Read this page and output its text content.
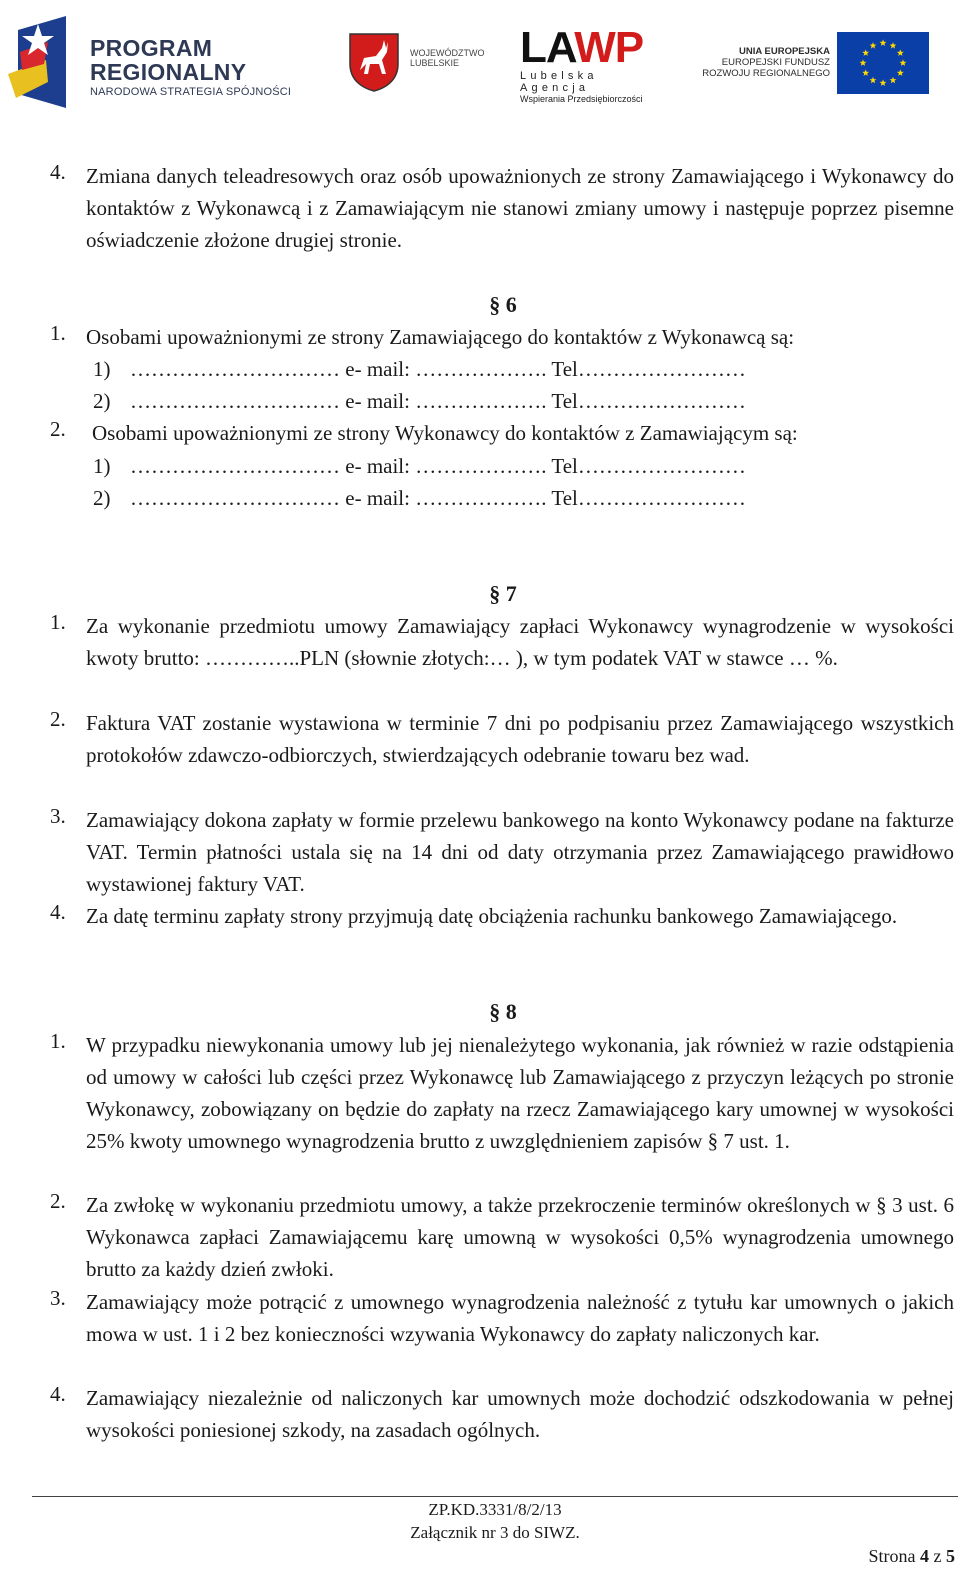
PROGRAM
REGIONALNY
NARODOWA STRATEGIA SPÓJNOŚCI
WOJEWÓDZTWO
LUBELSKIE	LAWP
Lubelska Agencja
Wspierania Przedsiębiorczości
UNIA EUROPEJSKA
EUROPEJSKI FUNDUSZ
ROZWOJU REGIONALNEGO
4. Zmiana danych teleadresowych oraz osób upoważnionych ze strony Zamawiającego i Wykonawcy do kontaktów z Wykonawcą i z Zamawiającym nie stanowi zmiany umowy i następuje poprzez pisemne oświadczenie złożone drugiej stronie.
§ 6
1. Osobami upoważnionymi ze strony Zamawiającego do kontaktów z Wykonawcą są:
1) ………………………… e- mail: ………………. Tel……………………
2) ………………………… e- mail: ………………. Tel……………………
2. Osobami upoważnionymi ze strony Wykonawcy do kontaktów z Zamawiającym są:
1) ………………………… e- mail: ………………. Tel……………………
2) ………………………… e- mail: ………………. Tel……………………
§ 7
1. Za wykonanie przedmiotu umowy Zamawiający zapłaci Wykonawcy wynagrodzenie w wysokości kwoty brutto: …………..PLN (słownie złotych:… ), w tym podatek VAT w stawce … %.
2. Faktura VAT zostanie wystawiona w terminie 7 dni po podpisaniu przez Zamawiającego wszystkich protokołów zdawczo-odbiorczych, stwierdzających odebranie towaru bez wad.
3. Zamawiający dokona zapłaty w formie przelewu bankowego na konto Wykonawcy podane na fakturze VAT. Termin płatności ustala się na 14 dni od daty otrzymania przez Zamawiającego prawidłowo wystawionej faktury VAT.
4. Za datę terminu zapłaty strony przyjmują datę obciążenia rachunku bankowego Zamawiającego.
§ 8
1. W przypadku niewykonania umowy lub jej nienależytego wykonania, jak również w razie odstąpienia od umowy w całości lub części przez Wykonawcę lub Zamawiającego z przyczyn leżących po stronie Wykonawcy, zobowiązany on będzie do zapłaty na rzecz Zamawiającego kary umownej w wysokości 25% kwoty umownego wynagrodzenia brutto z uwzględnieniem zapisów § 7 ust. 1.
2. Za zwłokę w wykonaniu przedmiotu umowy, a także przekroczenie terminów określonych w § 3 ust. 6 Wykonawca zapłaci Zamawiającemu karę umowną w wysokości 0,5% wynagrodzenia umownego brutto za każdy dzień zwłoki.
3. Zamawiający może potrącić z umownego wynagrodzenia należność z tytułu kar umownych o jakich mowa w ust. 1 i 2 bez konieczności wzywania Wykonawcy do zapłaty naliczonych kar.
4. Zamawiający niezależnie od naliczonych kar umownych może dochodzić odszkodowania w pełnej wysokości poniesionej szkody, na zasadach ogólnych.
ZP.KD.3331/8/2/13
Załącznik nr 3 do SIWZ.
Strona 4 z 5
